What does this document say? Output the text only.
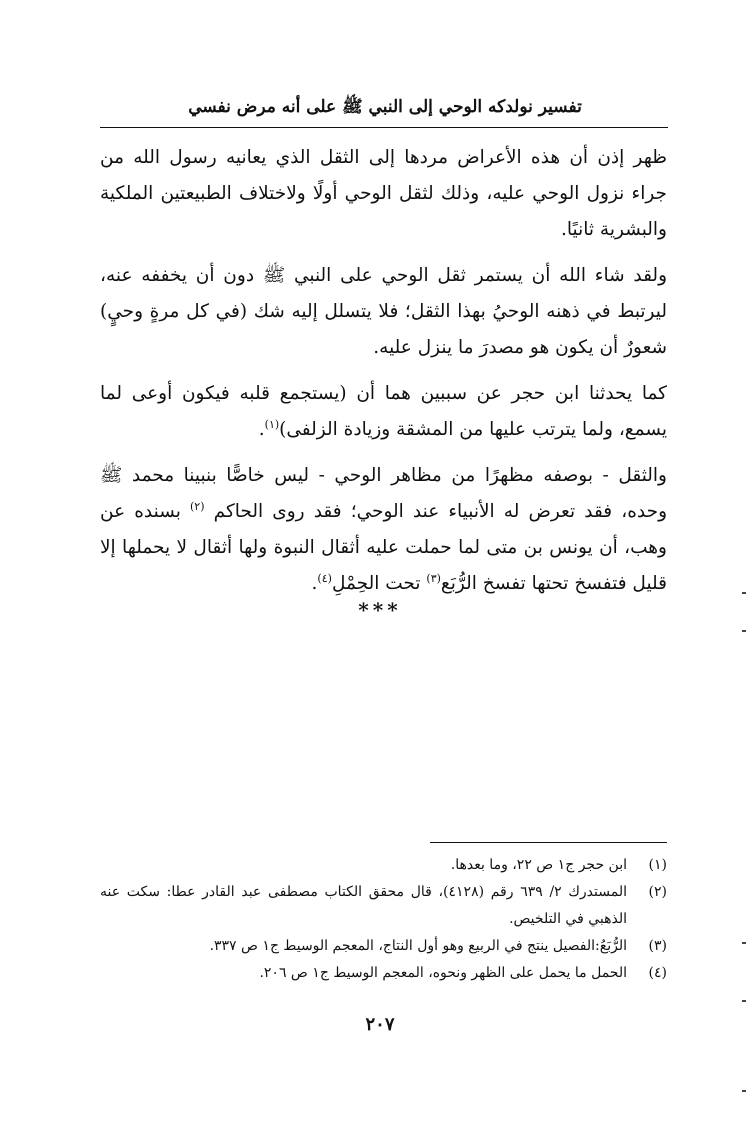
تفسير نولدكه الوحي إلى النبي ﷺ على أنه مرض نفسي

ظهر إذن أن هذه الأعراض مردها إلى الثقل الذي يعانيه رسول الله من جراء نزول الوحي عليه، وذلك لثقل الوحي أولًا ولاختلاف الطبيعتين الملكية والبشرية ثانيًا.

ولقد شاء الله أن يستمر ثقل الوحي على النبي ﷺ دون أن يخففه عنه، ليرتبط في ذهنه الوحيُ بهذا الثقل؛ فلا يتسلل إليه شك (في كل مرةٍ وحيٍ) شعورٌ أن يكون هو مصدرَ ما ينزل عليه.

كما يحدثنا ابن حجر عن سببين هما أن (يستجمع قلبه فيكون أوعى لما يسمع، ولما يترتب عليها من المشقة وزيادة الزلفى)$^{(١)}$.

والثقل - بوصفه مظهرًا من مظاهر الوحي - ليس خاصًّا بنبينا محمد ﷺ وحده، فقد تعرض له الأنبياء عند الوحي؛ فقد روى الحاكم $^{(٢)}$ بسنده عن وهب، أن يونس بن متى لما حملت عليه أثقال النبوة ولها أثقال لا يحملها إلا قليل فتفسخ تحتها تفسخ الرُّبَع$^{(٣)}$ تحت الحِمْلِ$^{(٤)}$.

***
(١)
ابن حجر ج١ ص ٢٢، وما بعدها.
(٢)
المستدرك ٢/ ٦٣٩ رقم (٤١٢٨)، قال محقق الكتاب مصطفى عبد القادر عطا: سكت عنه الذهبي في التلخيص.
(٣)
الرُّبَعُ:الفصيل ينتج في الربيع وهو أول النتاج، المعجم الوسيط ج١ ص ٣٣٧.
(٤)
الحمل ما يحمل على الظهر ونحوه، المعجم الوسيط ج١ ص ٢٠٦.
٢٠٧
